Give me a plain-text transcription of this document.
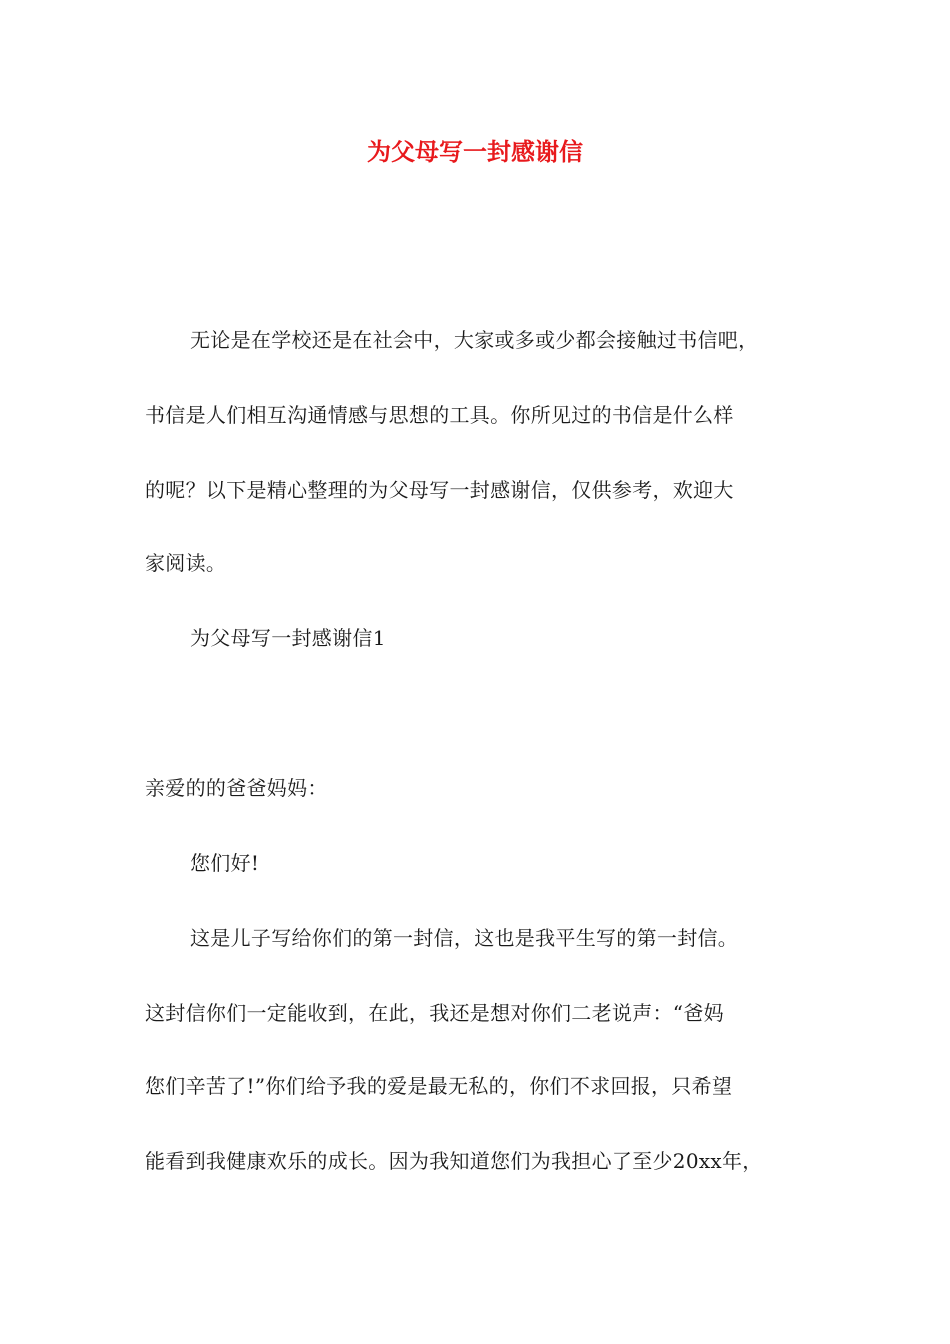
为父母写一封感谢信
无论是在学校还是在社会中，大家或多或少都会接触过书信吧，
书信是人们相互沟通情感与思想的工具。你所见过的书信是什么样
的呢？以下是精心整理的为父母写一封感谢信，仅供参考，欢迎大
家阅读。
为父母写一封感谢信1
亲爱的的爸爸妈妈：
您们好!
这是儿子写给你们的第一封信，这也是我平生写的第一封信。
这封信你们一定能收到，在此，我还是想对你们二老说声：“爸妈
您们辛苦了!”你们给予我的爱是最无私的，你们不求回报，只希望
能看到我健康欢乐的成长。因为我知道您们为我担心了至少20xx年，
